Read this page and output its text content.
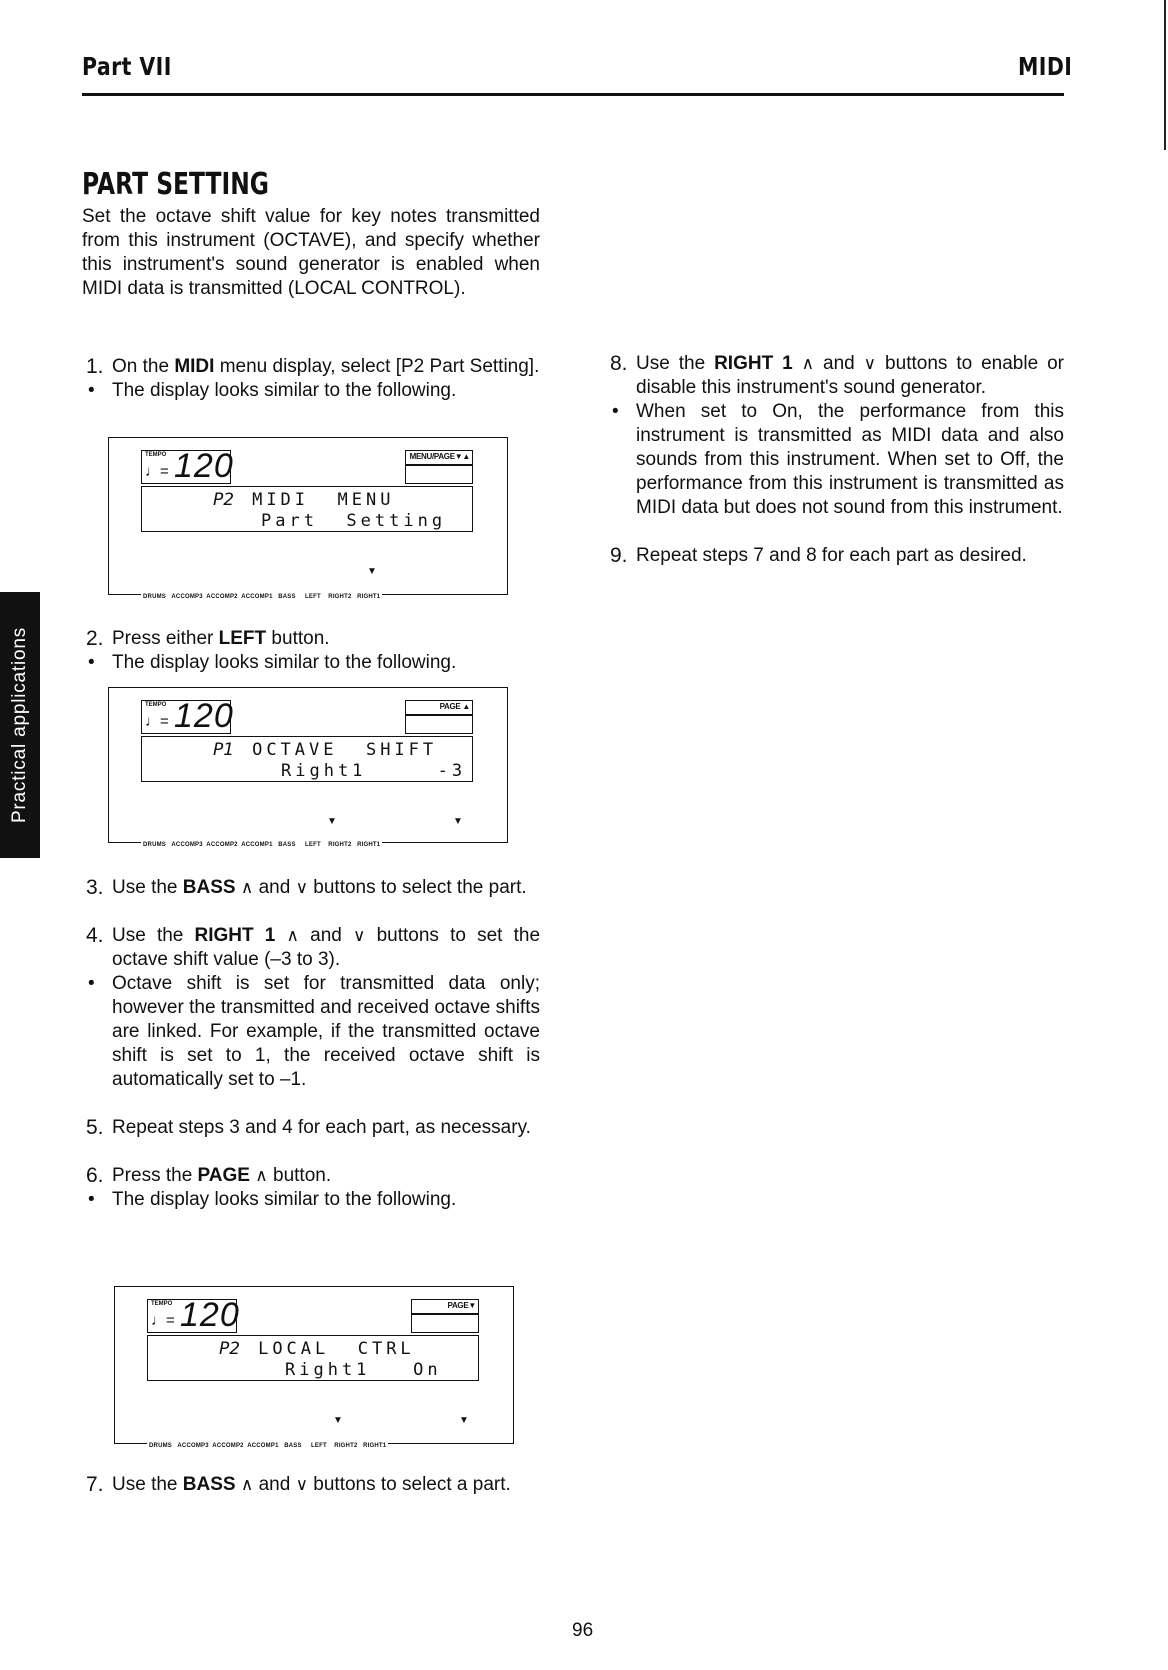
Part VII	MIDI
Practical applications
PART SETTING
Set the octave shift value for key notes transmitted from this instrument (OCTAVE), and specify whether this instrument's sound generator is enabled when MIDI data is transmitted (LOCAL CONTROL).
1. On the MIDI menu display, select [P2 Part Setting].
• The display looks similar to the following.
TEMPO
♩= 120	MENU/PAGE▼▲
P2 MIDI  MENU
Part  Setting
▼
DRUMS   ACCOMP3  ACCOMP2  ACCOMP1   BASS     LEFT    RIGHT2   RIGHT1
2. Press either LEFT button.
• The display looks similar to the following.
TEMPO
♩= 120	PAGE ▲
P1 OCTAVE  SHIFT
Right1     -3
▼	▼
DRUMS   ACCOMP3  ACCOMP2  ACCOMP1   BASS     LEFT    RIGHT2   RIGHT1
3. Use the BASS ∧ and ∨ buttons to select the part.
4. Use the RIGHT 1 ∧ and ∨ buttons to set the octave shift value (–3 to 3).
• Octave shift is set for transmitted data only; however the transmitted and received octave shifts are linked. For example, if the transmitted octave shift is set to 1, the received octave shift is automatically set to –1.
5. Repeat steps 3 and 4 for each part, as necessary.
6. Press the PAGE ∧ button.
• The display looks similar to the following.
TEMPO
♩= 120	PAGE▼
P2 LOCAL  CTRL
Right1   On
▼	▼
DRUMS   ACCOMP3  ACCOMP2  ACCOMP1   BASS     LEFT    RIGHT2   RIGHT1
7. Use the BASS ∧ and ∨ buttons to select a part.
8. Use the RIGHT 1 ∧ and ∨ buttons to enable or disable this instrument's sound generator.
• When set to On, the performance from this instrument is transmitted as MIDI data and also sounds from this instrument. When set to Off, the performance from this instrument is transmitted as MIDI data but does not sound from this instrument.
9. Repeat steps 7 and 8 for each part as desired.
96
